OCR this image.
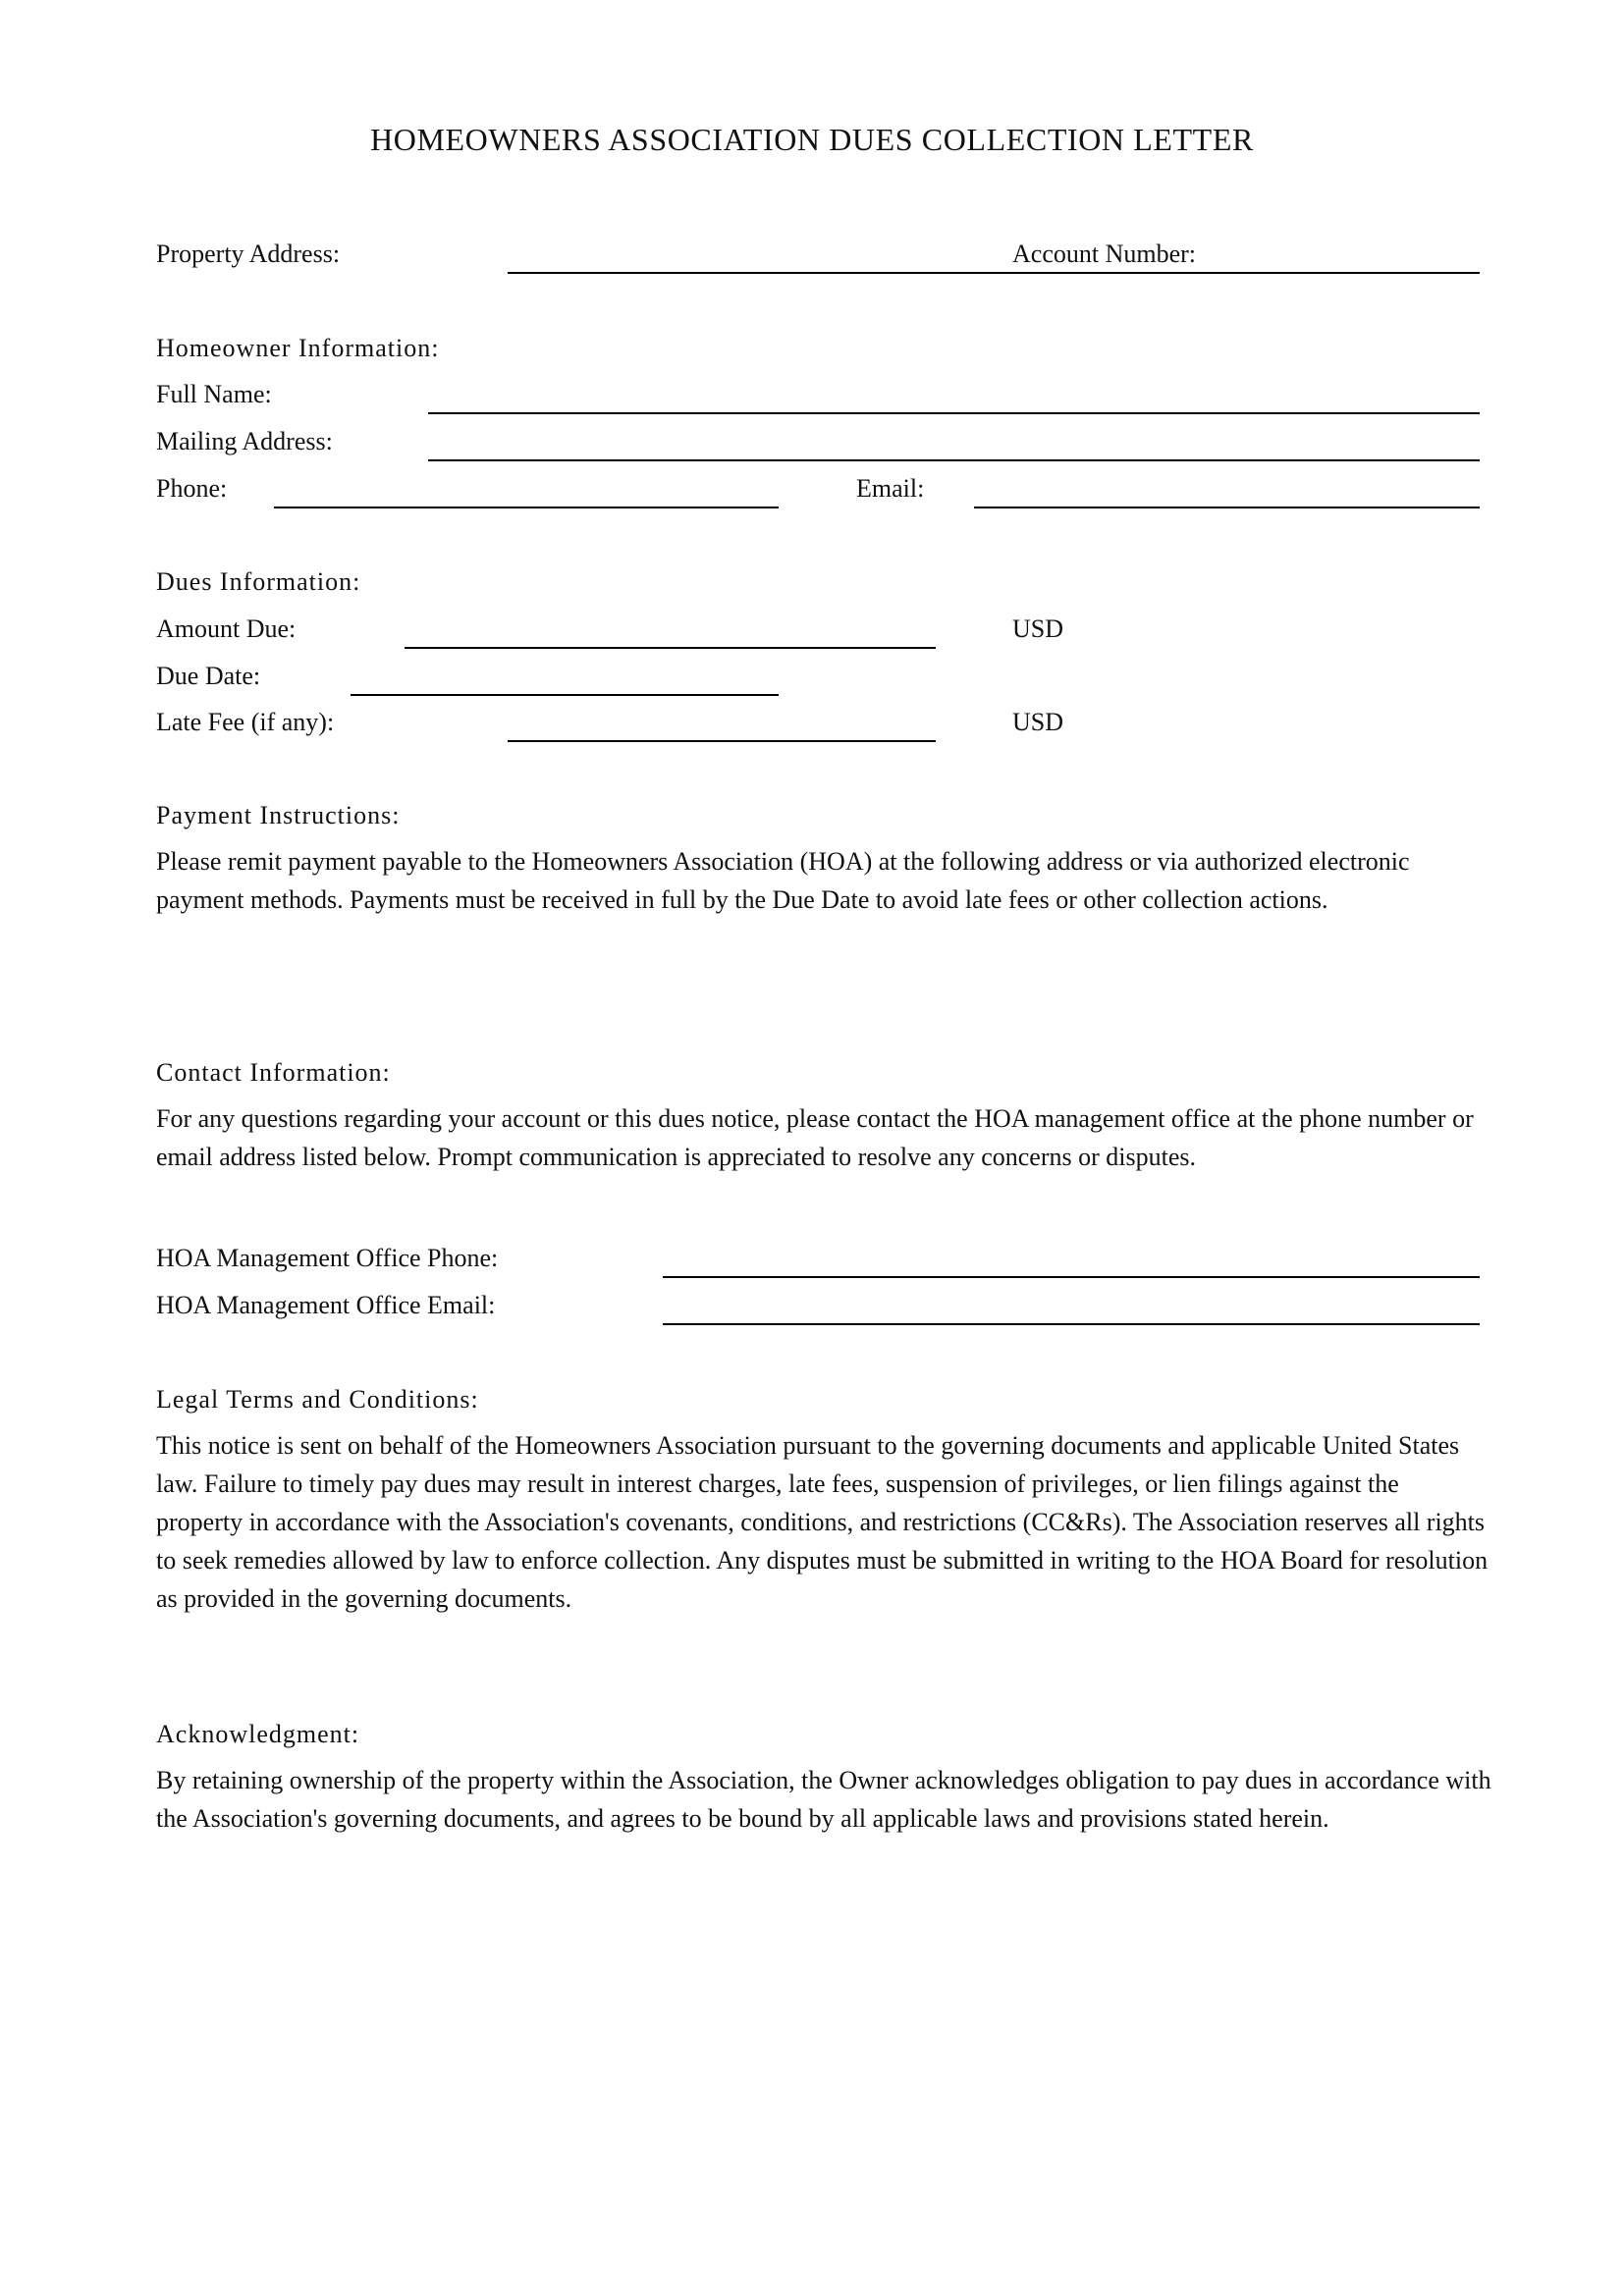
HOMEOWNERS ASSOCIATION DUES COLLECTION LETTER
Property Address:	Account Number:
Homeowner Information:
Full Name:
Mailing Address:
Phone:	Email:
Dues Information:
Amount Due:	USD
Due Date:
Late Fee (if any):	USD
Payment Instructions:
Please remit payment payable to the Homeowners Association (HOA) at the following address or via authorized electronic payment methods. Payments must be received in full by the Due Date to avoid late fees or other collection actions.
Contact Information:
For any questions regarding your account or this dues notice, please contact the HOA management office at the phone number or email address listed below. Prompt communication is appreciated to resolve any concerns or disputes.
HOA Management Office Phone:
HOA Management Office Email:
Legal Terms and Conditions:
This notice is sent on behalf of the Homeowners Association pursuant to the governing documents and applicable United States law. Failure to timely pay dues may result in interest charges, late fees, suspension of privileges, or lien filings against the property in accordance with the Association's covenants, conditions, and restrictions (CC&Rs). The Association reserves all rights to seek remedies allowed by law to enforce collection. Any disputes must be submitted in writing to the HOA Board for resolution as provided in the governing documents.
Acknowledgment:
By retaining ownership of the property within the Association, the Owner acknowledges obligation to pay dues in accordance with the Association's governing documents, and agrees to be bound by all applicable laws and provisions stated herein.
